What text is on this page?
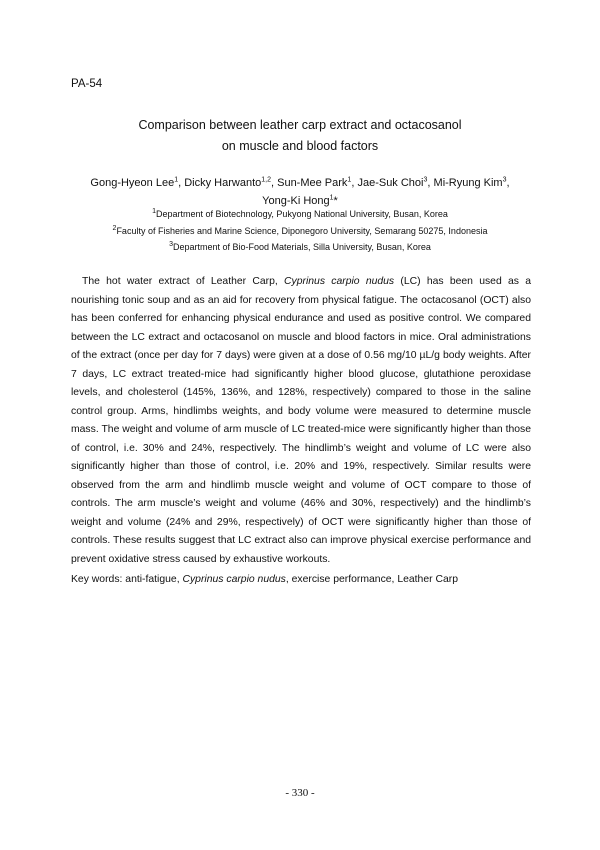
PA-54
Comparison between leather carp extract and octacosanol
on muscle and blood factors
Gong-Hyeon Lee$^1$, Dicky Harwanto$^{1,2}$, Sun-Mee Park$^1$, Jae-Suk Choi$^3$, Mi-Ryung Kim$^3$,
Yong-Ki Hong$^1$*
$^1$Department of Biotechnology, Pukyong National University, Busan, Korea
$^2$Faculty of Fisheries and Marine Science, Diponegoro University, Semarang 50275, Indonesia
$^3$Department of Bio-Food Materials, Silla University, Busan, Korea

The hot water extract of Leather Carp, Cyprinus carpio nudus (LC) has been used as a nourishing tonic soup and as an aid for recovery from physical fatigue. The octacosanol (OCT) also has been conferred for enhancing physical endurance and used as positive control. We compared between the LC extract and octacosanol on muscle and blood factors in mice. Oral administrations of the extract (once per day for 7 days) were given at a dose of 0.56 mg/10 µL/g body weights. After 7 days, LC extract treated-mice had significantly higher blood glucose, glutathione peroxidase levels, and cholesterol (145%, 136%, and 128%, respectively) compared to those in the saline control group. Arms, hindlimbs weights, and body volume were measured to determine muscle mass. The weight and volume of arm muscle of LC treated-mice were significantly higher than those of control, i.e. 30% and 24%, respectively. The hindlimb’s weight and volume of LC were also significantly higher than those of control, i.e. 20% and 19%, respectively. Similar results were observed from the arm and hindlimb muscle weight and volume of OCT compare to those of controls. The arm muscle’s weight and volume (46% and 30%, respectively) and the hindlimb’s weight and volume (24% and 29%, respectively) of OCT were significantly higher than those of controls. These results suggest that LC extract also can improve physical exercise performance and prevent oxidative stress caused by exhaustive workouts.

Key words: anti-fatigue, Cyprinus carpio nudus, exercise performance, Leather Carp
- 330 -
